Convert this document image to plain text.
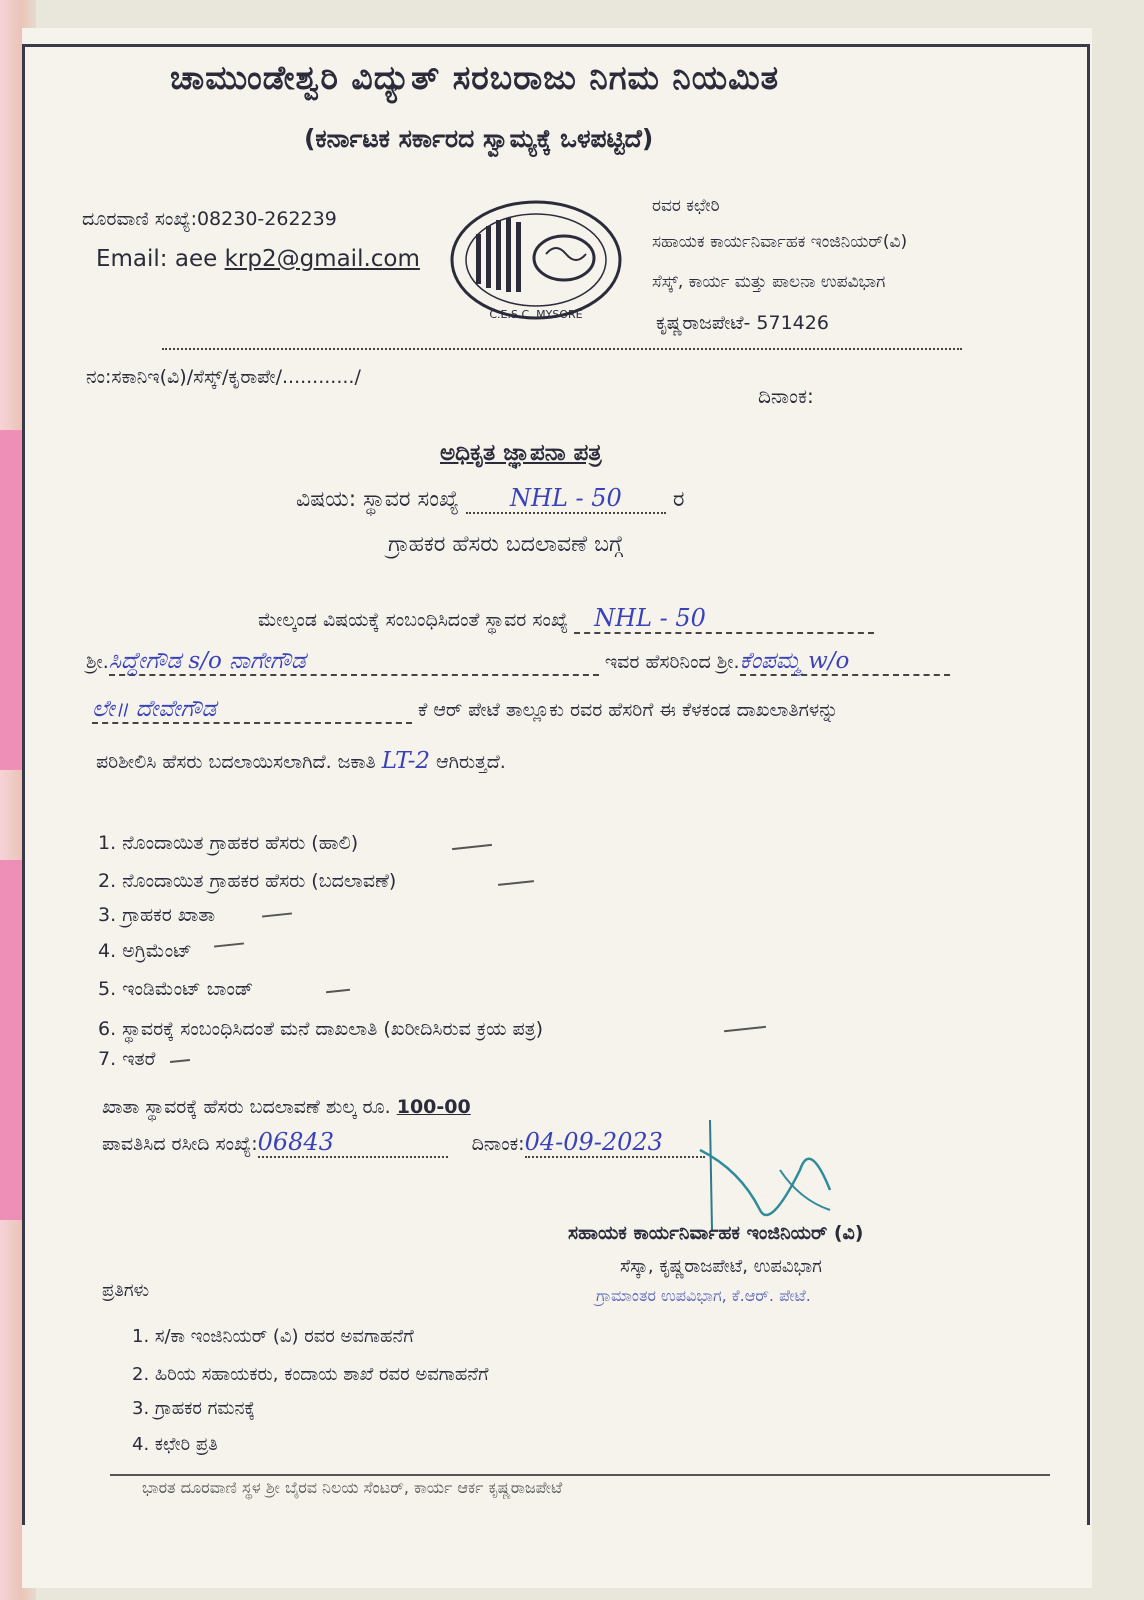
ಚಾಮುಂಡೇಶ್ವರಿ ವಿದ್ಯುತ್ ಸರಬರಾಜು ನಿಗಮ ನಿಯಮಿತ
(ಕರ್ನಾಟಕ ಸರ್ಕಾರದ ಸ್ವಾಮ್ಯಕ್ಕೆ ಒಳಪಟ್ಟಿದೆ)
ದೂರವಾಣಿ ಸಂಖ್ಯೆ:08230-262239
Email: aee krp2@gmail.com
C.E.S.C. MYSORE
ರವರ ಕಛೇರಿ
ಸಹಾಯಕ ಕಾರ್ಯನಿರ್ವಾಹಕ ಇಂಜಿನಿಯರ್(ವಿ)
ಸೆಸ್ಕ್, ಕಾರ್ಯ ಮತ್ತು ಪಾಲನಾ ಉಪವಿಭಾಗ
ಕೃಷ್ಣರಾಜಪೇಟೆ- 571426
ನಂ:ಸಕಾನಿಇ(ವಿ)/ಸೆಸ್ಕ್/ಕೃರಾಪೇ/............/
ದಿನಾಂಕ:
ಅಧಿಕೃತ ಜ್ಞಾಪನಾ ಪತ್ರ
ವಿಷಯ: ಸ್ಥಾವರ ಸಂಖ್ಯೆ NHL - 50 ರ
ಗ್ರಾಹಕರ ಹೆಸರು ಬದಲಾವಣೆ ಬಗ್ಗೆ
ಮೇಲ್ಕಂಡ ವಿಷಯಕ್ಕೆ ಸಂಬಂಧಿಸಿದಂತೆ ಸ್ಥಾವರ ಸಂಖ್ಯೆ NHL - 50
ಶ್ರೀ.ಸಿದ್ದೇಗೌಡ s/o ನಾಗೇಗೌಡ	ಇವರ ಹೆಸರಿನಿಂದ ಶ್ರೀ.ಕೆಂಪಮ್ಮ w/o
ಲೇ॥ ದೇವೇಗೌಡ	ಕೆ ಆರ್ ಪೇಟೆ ತಾಲ್ಲೂಕು ರವರ ಹೆಸರಿಗೆ ಈ ಕೆಳಕಂಡ ದಾಖಲಾತಿಗಳನ್ನು
ಪರಿಶೀಲಿಸಿ ಹೆಸರು ಬದಲಾಯಿಸಲಾಗಿದೆ. ಜಕಾತಿ LT-2 ಆಗಿರುತ್ತದೆ.
1. ನೊಂದಾಯಿತ ಗ್ರಾಹಕರ ಹೆಸರು (ಹಾಲಿ)
2. ನೊಂದಾಯಿತ ಗ್ರಾಹಕರ ಹೆಸರು (ಬದಲಾವಣೆ)
3. ಗ್ರಾಹಕರ ಖಾತಾ
4. ಅಗ್ರಿಮೆಂಟ್
5. ಇಂಡಿಮೆಂಟ್ ಬಾಂಡ್
6. ಸ್ಥಾವರಕ್ಕೆ ಸಂಬಂಧಿಸಿದಂತೆ ಮನೆ ದಾಖಲಾತಿ (ಖರೀದಿಸಿರುವ ಕ್ರಯ ಪತ್ರ)
7. ಇತರೆ
ಖಾತಾ ಸ್ಥಾವರಕ್ಕೆ ಹೆಸರು ಬದಲಾವಣೆ ಶುಲ್ಕ ರೂ. 100-00
ಪಾವತಿಸಿದ ರಸೀದಿ ಸಂಖ್ಯೆ:06843	ದಿನಾಂಕ:04-09-2023
ಸಹಾಯಕ ಕಾರ್ಯನಿರ್ವಾಹಕ ಇಂಜಿನಿಯರ್ (ವಿ)
ಸೆಸ್ಕಾ, ಕೃಷ್ಣರಾಜಪೇಟೆ, ಉಪವಿಭಾಗ
ಗ್ರಾಮಾಂತರ ಉಪವಿಭಾಗ, ಕೆ.ಆರ್. ಪೇಟೆ.
ಪ್ರತಿಗಳು
1. ಸ/ಕಾ ಇಂಜಿನಿಯರ್ (ವಿ) ರವರ ಅವಗಾಹನೆಗೆ
2. ಹಿರಿಯ ಸಹಾಯಕರು, ಕಂದಾಯ ಶಾಖೆ ರವರ ಅವಗಾಹನೆಗೆ
3. ಗ್ರಾಹಕರ ಗಮನಕ್ಕೆ
4. ಕಛೇರಿ ಪ್ರತಿ
ಭಾರತ ದೂರವಾಣಿ ಸ್ಥಳ ಶ್ರೀ ಬೈರವ ನಿಲಯ ಸೆಂಟರ್, ಕಾರ್ಯ ಆರ್ಕ ಕೃಷ್ಣರಾಜಪೇಟೆ
